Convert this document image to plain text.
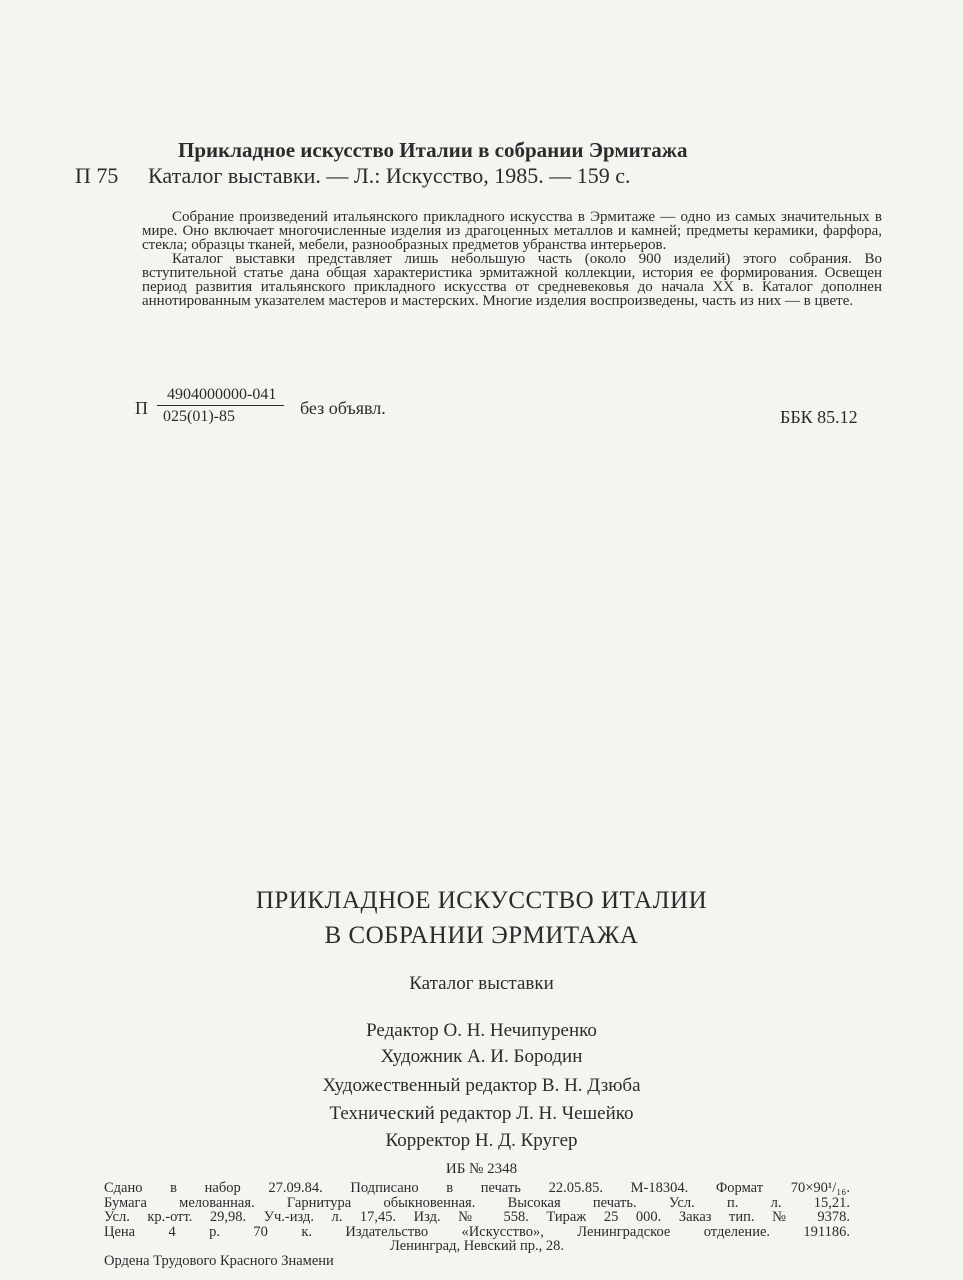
Прикладное искусство Италии в собрании Эрмитажа
П 75 Каталог выставки. — Л.: Искусство, 1985. — 159 с.

Собрание произведений итальянского прикладного искусства в Эрмитаже — одно из самых значительных в мире. Оно включает многочисленные изделия из драгоценных металлов и камней; предметы керамики, фарфора, стекла; образцы тканей, мебели, разнообразных предметов убранства интерьеров.

Каталог выставки представляет лишь небольшую часть (около 900 изделий) этого собрания. Во вступительной статье дана общая характеристика эрмитажной коллекции, история ее формирования. Освещен период развития итальянского прикладного искусства от средневековья до начала XX в. Каталог дополнен аннотированным указателем мастеров и мастерских. Многие изделия воспроизведены, часть из них — в цвете.

П
4904000000-041
025(01)-85	без объявл.	ББК 85.12
ПРИКЛАДНОЕ ИСКУССТВО ИТАЛИИ
В СОБРАНИИ ЭРМИТАЖА
Каталог выставки
Редактор О. Н. Нечипуренко
Художник А. И. Бородин
Художественный редактор В. Н. Дзюба
Технический редактор Л. Н. Чешейко
Корректор Н. Д. Кругер
ИБ № 2348
Сдано в набор 27.09.84. Подписано в печать 22.05.85. М-18304. Формат 70×90¹/₁₆.
Бумага мелованная. Гарнитура обыкновенная. Высокая печать. Усл. п. л. 15,21.
Усл. кр.-отт. 29,98. Уч.-изд. л. 17,45. Изд. № 558. Тираж 25 000. Заказ тип. № 9378.
Цена 4 р. 70 к. Издательство «Искусство», Ленинградское отделение. 191186.
Ленинград, Невский пр., 28.
Ордена Трудового Красного Знамени
